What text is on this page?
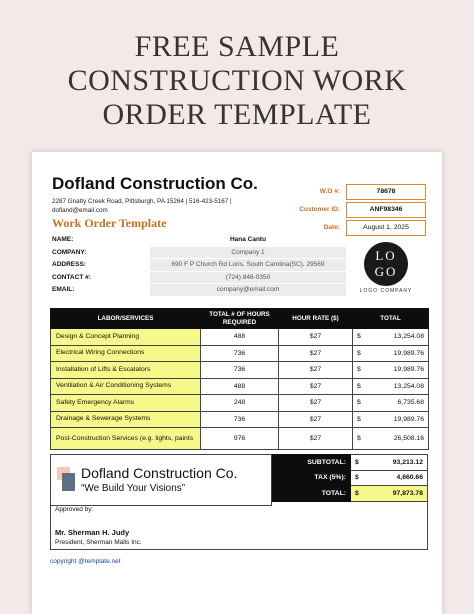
FREE SAMPLE
CONSTRUCTION WORK
ORDER TEMPLATE
Dofland Construction Co.
2287 Gnatty Creek Road, Pittsburgh, PA 15264 | 516-423-5167 |
dofland@email.com
Work Order Template
W.O #:	78678
Customer ID:	ANF98346
Date:	August 1, 2025
NAME:	Hana Cantu
COMPANY:	Company 1
ADDRESS:	690 F P Church Rd Loris, South Carolina(SC), 29569
CONTACT #:	(724) 846-0350
EMAIL:	company@email.com
LO
GO
LOGO COMPANY
LABOR/SERVICES	TOTAL # OF HOURS REQUIRED	HOUR RATE ($)	TOTAL
Design & Concept Planning	488	$27	$ 13,254.08

Electrical Wiring Connections	736	$27	$ 19,989.76

Installation of Lifts & Escalators	736	$27	$ 19,989.76

Ventilation & Air Conditioning Systems	488	$27	$ 13,254.08

Safety Emergency Alarms	248	$27	$ 6,735.68

Drainage & Sewerage Systems	736	$27	$ 19,989.76

Post-Construction Services (e.g. lights, paints	976	$27	$ 26,508.16
Dofland Construction Co.
“We Build Your Visions”
SUBTOTAL:	$ 93,213.12

TAX (5%):	$ 4,660.66

TOTAL:	$ 97,873.78
Approved by:
Mr. Sherman H. Judy
President, Sherman Malls Inc.
copyright @template.net
